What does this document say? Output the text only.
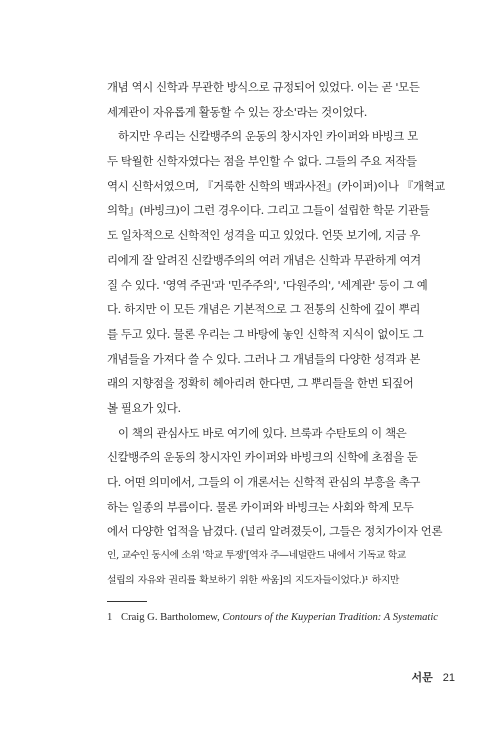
개념 역시 신학과 무관한 방식으로 규정되어 있었다. 이는 곧 '모든
세계관이 자유롭게 활동할 수 있는 장소'라는 것이었다.
하지만 우리는 신칼뱅주의 운동의 창시자인 카이퍼와 바빙크 모
두 탁월한 신학자였다는 점을 부인할 수 없다. 그들의 주요 저작들
역시 신학서였으며, 『거룩한 신학의 백과사전』(카이퍼)이나 『개혁교
의학』(바빙크)이 그런 경우이다. 그리고 그들이 설립한 학문 기관들
도 일차적으로 신학적인 성격을 띠고 있었다. 언뜻 보기에, 지금 우
리에게 잘 알려진 신칼뱅주의의 여러 개념은 신학과 무관하게 여겨
질 수 있다. '영역 주권'과 '민주주의', '다원주의', '세계관' 등이 그 예
다. 하지만 이 모든 개념은 기본적으로 그 전통의 신학에 깊이 뿌리
를 두고 있다. 물론 우리는 그 바탕에 놓인 신학적 지식이 없이도 그
개념들을 가져다 쓸 수 있다. 그러나 그 개념들의 다양한 성격과 본
래의 지향점을 정확히 헤아리려 한다면, 그 뿌리들을 한번 되짚어
볼 필요가 있다.
이 책의 관심사도 바로 여기에 있다. 브룩과 수탄토의 이 책은
신칼뱅주의 운동의 창시자인 카이퍼와 바빙크의 신학에 초점을 둔
다. 어떤 의미에서, 그들의 이 개론서는 신학적 관심의 부흥을 촉구
하는 일종의 부름이다. 물론 카이퍼와 바빙크는 사회와 학계 모두
에서 다양한 업적을 남겼다. (널리 알려졌듯이, 그들은 정치가이자 언론
인, 교수인 동시에 소위 '학교 투쟁'[역자 주—네덜란드 내에서 기독교 학교
설립의 자유와 권리를 확보하기 위한 싸움]의 지도자들이었다.)¹ 하지만
1 Craig G. Bartholomew, Contours of the Kuyperian Tradition: A Systematic
서문 21
